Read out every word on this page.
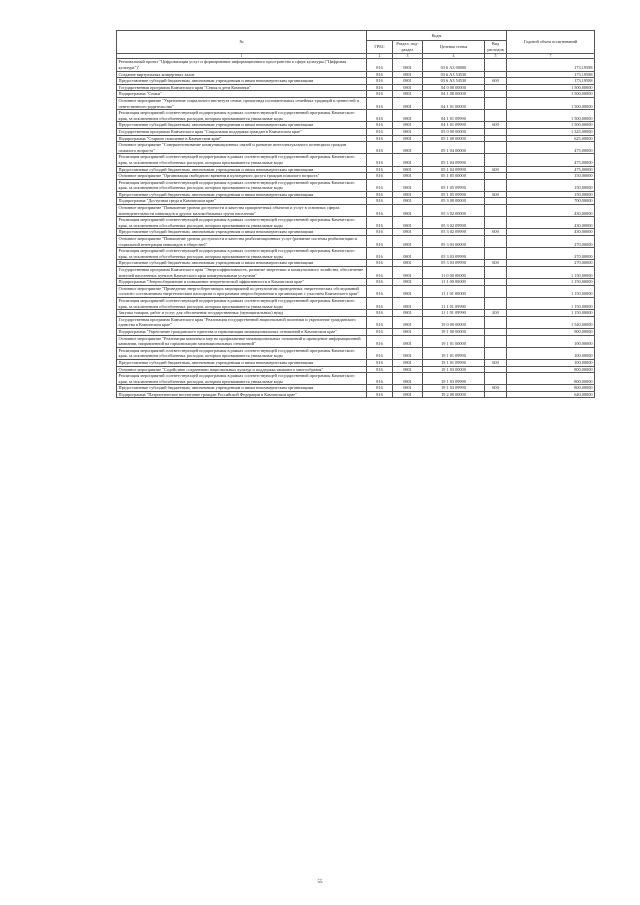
№	Коды				Годовой объем ассигнований
	ГРБС	Раздел, под-раздел	Целевая статья	Вид расходов	
1	2	3	4	5	7
Региональный проект "Цифровизация услуг и формирование информационного пространства в сфере культуры ("Цифровая культура")"	816	0801	03 6 А3 00000		173,19588
Создание виртуальных концертных залов	816	0801	03 6 А3 54530		173,19588
Предоставление субсидий бюджетным, автономным учреждениям и иным некоммерческим организациям	816	0801	03 6 А3 54530	600	173,19588
Государственная программа Камчатского края "Семья и дети Камчатки"	816	0801	04 0 00 00000		1 500,00000
Подпрограмма "Семья"	816	0801	04 1 00 00000		1 500,00000
Основное мероприятие "Укрепление социального института семьи, пропаганда положительных семейных традиций и ценностей и ответственного родительства"	816	0801	04 1 01 00000		1 500,00000
Реализация мероприятий соответствующей подпрограммы в рамках соответствующей государственной программы Камчатского края, за исключением обособленных расходов, которым присваиваются уникальные коды	816	0801	04 1 01 09990		1 500,00000
Предоставление субсидий бюджетным, автономным учреждениям и иным некоммерческим организациям	816	0801	04 1 01 09990	600	1 500,00000
Государственная программа Камчатского края "Социальная поддержка граждан в Камчатском крае"	816	0801	05 0 00 00000		1 325,00000
Подпрограмма "Старшее поколение в Камчатском крае"	816	0801	05 1 00 00000		625,00000
Основное мероприятие "Совершенствование коммуникационных связей и развитие интеллектуального потенциала граждан пожилого возраста"	816	0801	05 1 04 00000		475,00000
Реализация мероприятий соответствующей подпрограммы в рамках соответствующей государственной программы Камчатского края, за исключением обособленных расходов, которым присваиваются уникальные коды	816	0801	05 1 04 09990		475,00000
Предоставление субсидий бюджетным, автономным учреждениям и иным некоммерческим организациям	816	0801	05 1 04 09990	600	475,00000
Основное мероприятие "Организация свободного времени и культурного досуга граждан пожилого возраста"	816	0801	05 1 05 00000		150,00000
Реализация мероприятий соответствующей подпрограммы в рамках соответствующей государственной программы Камчатского края, за исключением обособленных расходов, которым присваиваются уникальные коды	816	0801	05 1 05 09990		150,00000
Предоставление субсидий бюджетным, автономным учреждениям и иным некоммерческим организациям	816	0801	05 1 05 09990	600	150,00000
Подпрограмма "Доступная среда в Камчатском крае"	816	0801	05 3 00 00000		700,00000
Основное мероприятие "Повышение уровня доступности и качества приоритетных объектов и услуг в основных сферах жизнедеятельности инвалидов и других маломобильных групп населения"	816	0801	05 3 02 00000		430,00000
Реализация мероприятий соответствующей подпрограммы в рамках соответствующей государственной программы Камчатского края, за исключением обособленных расходов, которым присваиваются уникальные коды	816	0801	05 3 02 09990		430,00000
Предоставление субсидий бюджетным, автономным учреждениям и иным некоммерческим организациям	816	0801	05 3 02 09990	600	430,00000
Основное мероприятие "Повышение уровня доступности и качества реабилитационных услуг (развитие системы реабилитации и социальной интеграции инвалидов в обществе)"	816	0801	05 3 03 00000		270,00000
Реализация мероприятий соответствующей подпрограммы в рамках соответствующей государственной программы Камчатского края, за исключением обособленных расходов, которым присваиваются уникальные коды	816	0801	05 3 03 09990		270,00000
Предоставление субсидий бюджетным, автономным учреждениям и иным некоммерческим организациям	816	0801	05 3 03 09990	600	270,00000
Государственная программа Камчатского края "Энергоэффективность, развитие энергетики и коммунального хозяйства, обеспечение жителей населенных пунктов Камчатского края коммунальными услугами"	816	0801	11 0 00 00000		1 150,00000
Подпрограмма "Энергосбережение и повышение энергетической эффективности в Камчатском крае"	816	0801	11 1 00 00000		1 150,00000
Основное мероприятие "Проведение энергосберегающих мероприятий по результатам проведенных энергетических обследований согласно составленным энергетическим паспортам и программам энергосбережения в организациях с участием Камчатского края"	816	0801	11 1 01 00000		1 150,00000
Реализация мероприятий соответствующей подпрограммы в рамках соответствующей государственной программы Камчатского края, за исключением обособленных расходов, которым присваиваются уникальные коды	816	0801	11 1 01 09990		1 150,00000
Закупка товаров, работ и услуг для обеспечения государственных (муниципальных) нужд	816	0801	11 1 01 09990	200	1 150,00000
Государственная программа Камчатского края "Реализация государственной национальной политики и укрепление гражданского единства в Камчатском крае"	816	0801	19 0 00 00000		1 540,00000
Подпрограмма "Укрепление гражданского единства и гармонизация межнациональных отношений в Камчатском крае"	816	0801	19 1 00 00000		900,00000
Основное мероприятие "Реализация комплекса мер по профилактике межнациональных отношений и проведение информационной кампании, направленной на гармонизацию межнациональных отношений"	816	0801	19 1 01 00000		100,00000
Реализация мероприятий соответствующей подпрограммы в рамках соответствующей государственной программы Камчатского края, за исключением обособленных расходов, которым присваиваются уникальные коды	816	0801	19 1 01 09990		100,00000
Предоставление субсидий бюджетным, автономным учреждениям и иным некоммерческим организациям	816	0801	19 1 01 09990	600	100,00000
Основное мероприятие "Содействие сохранению национальных культур и поддержка языкового многообразия"	816	0801	19 1 03 00000		800,00000
Реализация мероприятий соответствующей подпрограммы в рамках соответствующей государственной программы Камчатского края, за исключением обособленных расходов, которым присваиваются уникальные коды	816	0801	19 1 03 09990		800,00000
Предоставление субсидий бюджетным, автономным учреждениям и иным некоммерческим организациям	816	0801	19 1 03 09990	600	800,00000
Подпрограмма "Патриотическое воспитание граждан Российской Федерации в Камчатском крае"	816	0801	19 2 00 00000		640,00000
55
